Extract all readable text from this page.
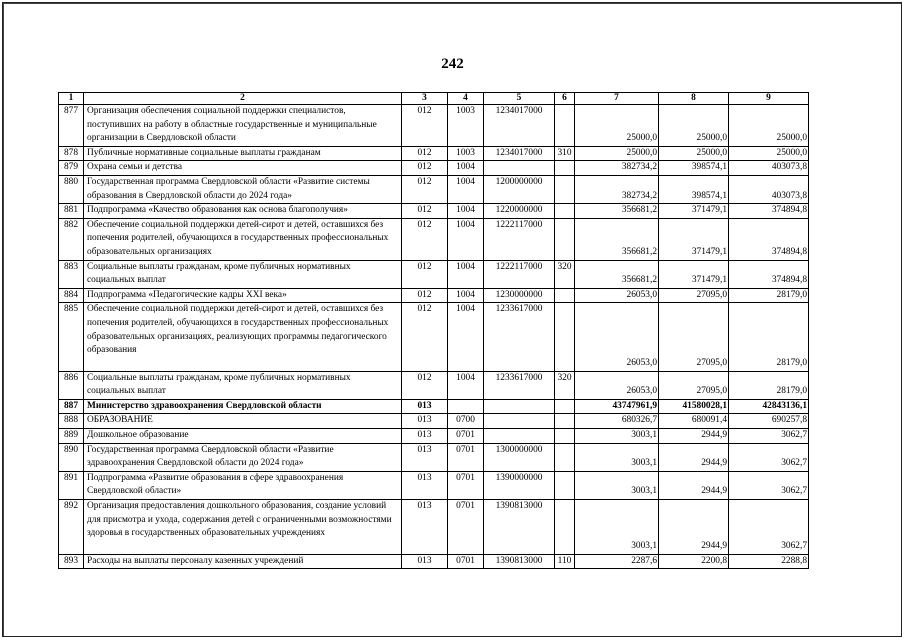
242
1	2	3	4	5	6	7	8	9
877	Организация обеспечения социальной поддержки специалистов, поступивших на работу в областные государственные и муниципальные организации в Свердловской области	012	1003	1234017000		25000,0	25000,0	25000,0
878	Публичные нормативные социальные выплаты гражданам	012	1003	1234017000	310	25000,0	25000,0	25000,0
879	Охрана семьи и детства	012	1004			382734,2	398574,1	403073,8
880	Государственная программа Свердловской области «Развитие системы образования в Свердловской области до 2024 года»	012	1004	1200000000		382734,2	398574,1	403073,8
881	Подпрограмма «Качество образования как основа благополучия»	012	1004	1220000000		356681,2	371479,1	374894,8
882	Обеспечение социальной поддержки детей-сирот и детей, оставшихся без попечения родителей, обучающихся в государственных профессиональных образовательных организациях	012	1004	1222117000		356681,2	371479,1	374894,8
883	Социальные выплаты гражданам, кроме публичных нормативных социальных выплат	012	1004	1222117000	320	356681,2	371479,1	374894,8
884	Подпрограмма «Педагогические кадры XXI века»	012	1004	1230000000		26053,0	27095,0	28179,0
885	Обеспечение социальной поддержки детей-сирот и детей, оставшихся без попечения родителей, обучающихся в государственных профессиональных образовательных организациях, реализующих программы педагогического образования	012	1004	1233617000		26053,0	27095,0	28179,0
886	Социальные выплаты гражданам, кроме публичных нормативных социальных выплат	012	1004	1233617000	320	26053,0	27095,0	28179,0
887	Министерство здравоохранения Свердловской области	013				43747961,9	41580028,1	42843136,1
888	ОБРАЗОВАНИЕ	013	0700			680326,7	680091,4	690257,8
889	Дошкольное образование	013	0701			3003,1	2944,9	3062,7
890	Государственная программа Свердловской области «Развитие здравоохранения Свердловской области до 2024 года»	013	0701	1300000000		3003,1	2944,9	3062,7
891	Подпрограмма «Развитие образования в сфере здравоохранения Свердловской области»	013	0701	1390000000		3003,1	2944,9	3062,7
892	Организация предоставления дошкольного образования, создание условий для присмотра и ухода, содержания детей с ограниченными возможностями здоровья в государственных образовательных учреждениях	013	0701	1390813000		3003,1	2944,9	3062,7
893	Расходы на выплаты персоналу казенных учреждений	013	0701	1390813000	110	2287,6	2200,8	2288,8
